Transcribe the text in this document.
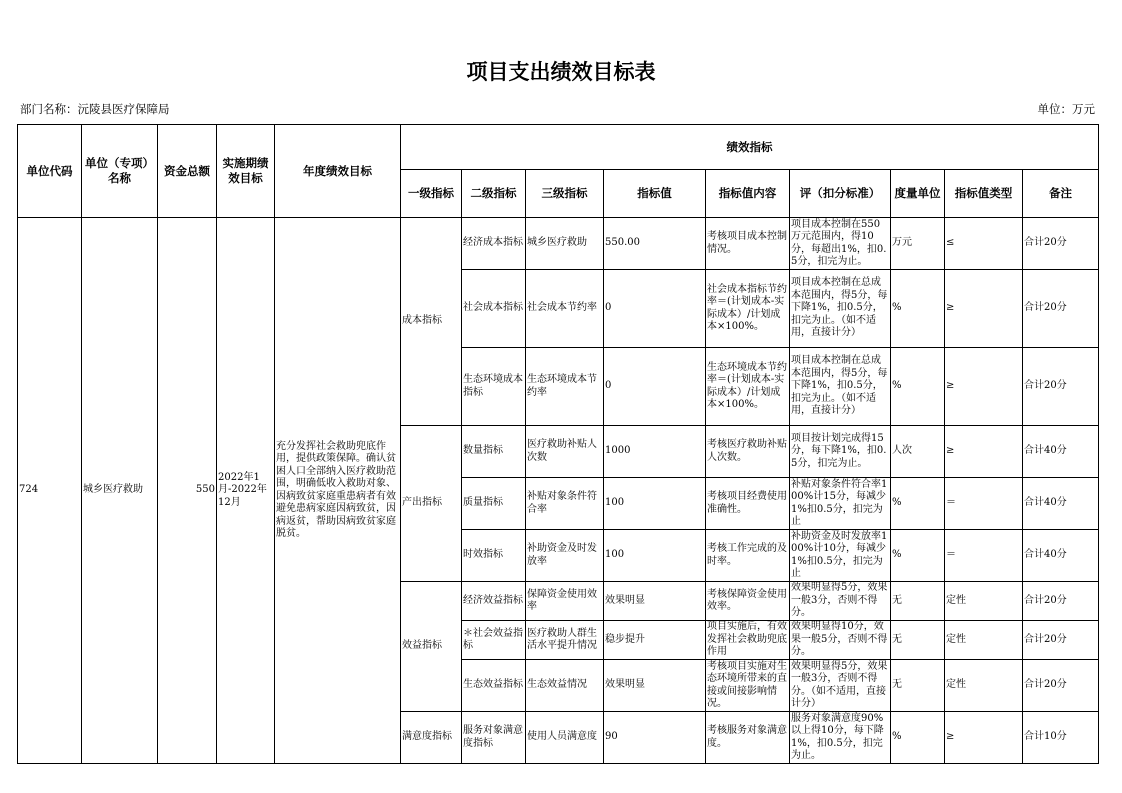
项目支出绩效目标表
部门名称：沅陵县医疗保障局	单位：万元
单位代码	单位（专项）名称	资金总额	实施期绩效目标	年度绩效目标	绩效指标								
					一级指标	二级指标	三级指标	指标值	指标值内容	评（扣分标准）	度量单位	指标值类型	备注
724	城乡医疗救助	550	2022年1月-2022年12月	充分发挥社会救助兜底作用，提供政策保障。确认贫困人口全部纳入医疗救助范围，明确低收入救助对象、因病致贫家庭重患病者有效避免患病家庭因病致贫，因病返贫，帮助因病致贫家庭脱贫。	成本指标	经济成本指标	城乡医疗救助	550.00	考核项目成本控制情况。	项目成本控制在550万元范围内，得10分，每超出1%，扣0.5分，扣完为止。	万元	≤	合计20分
						社会成本指标	社会成本节约率	0	社会成本指标节约率＝(计划成本-实际成本）/计划成本×100%。	项目成本控制在总成本范围内，得5分，每下降1%，扣0.5分，扣完为止。（如不适用，直接计分）	%	≥	合计20分
						生态环境成本指标	生态环境成本节约率	0	生态环境成本节约率＝(计划成本-实际成本）/计划成本×100%。	项目成本控制在总成本范围内，得5分，每下降1%，扣0.5分，扣完为止。（如不适用，直接计分）	%	≥	合计20分
					产出指标	数量指标	医疗救助补贴人次数	1000	考核医疗救助补贴人次数。	项目按计划完成得15分，每下降1%，扣0.5分，扣完为止。	人次	≥	合计40分
						质量指标	补贴对象条件符合率	100	考核项目经费使用准确性。	补贴对象条件符合率100%计15分，每减少1%扣0.5分，扣完为止	%	＝	合计40分
						时效指标	补助资金及时发放率	100	考核工作完成的及时率。	补助资金及时发放率100%计10分，每减少1%扣0.5分，扣完为止	%	＝	合计40分
					效益指标	经济效益指标	保障资金使用效率	效果明显	考核保障资金使用效率。	效果明显得5分，效果一般3分，否则不得分。	无	定性	合计20分
						＊社会效益指标	医疗救助人群生活水平提升情况	稳步提升	项目实施后，有效发挥社会救助兜底作用	效果明显得10分，效果一般5分，否则不得分。	无	定性	合计20分
						生态效益指标	生态效益情况	效果明显	考核项目实施对生态环境所带来的直接或间接影响情况。	效果明显得5分，效果一般3分，否则不得分。（如不适用，直接计分）	无	定性	合计20分
					满意度指标	服务对象满意度指标	使用人员满意度	90	考核服务对象满意度。	服务对象满意度90%以上得10分，每下降1%，扣0.5分，扣完为止。	%	≥	合计10分
